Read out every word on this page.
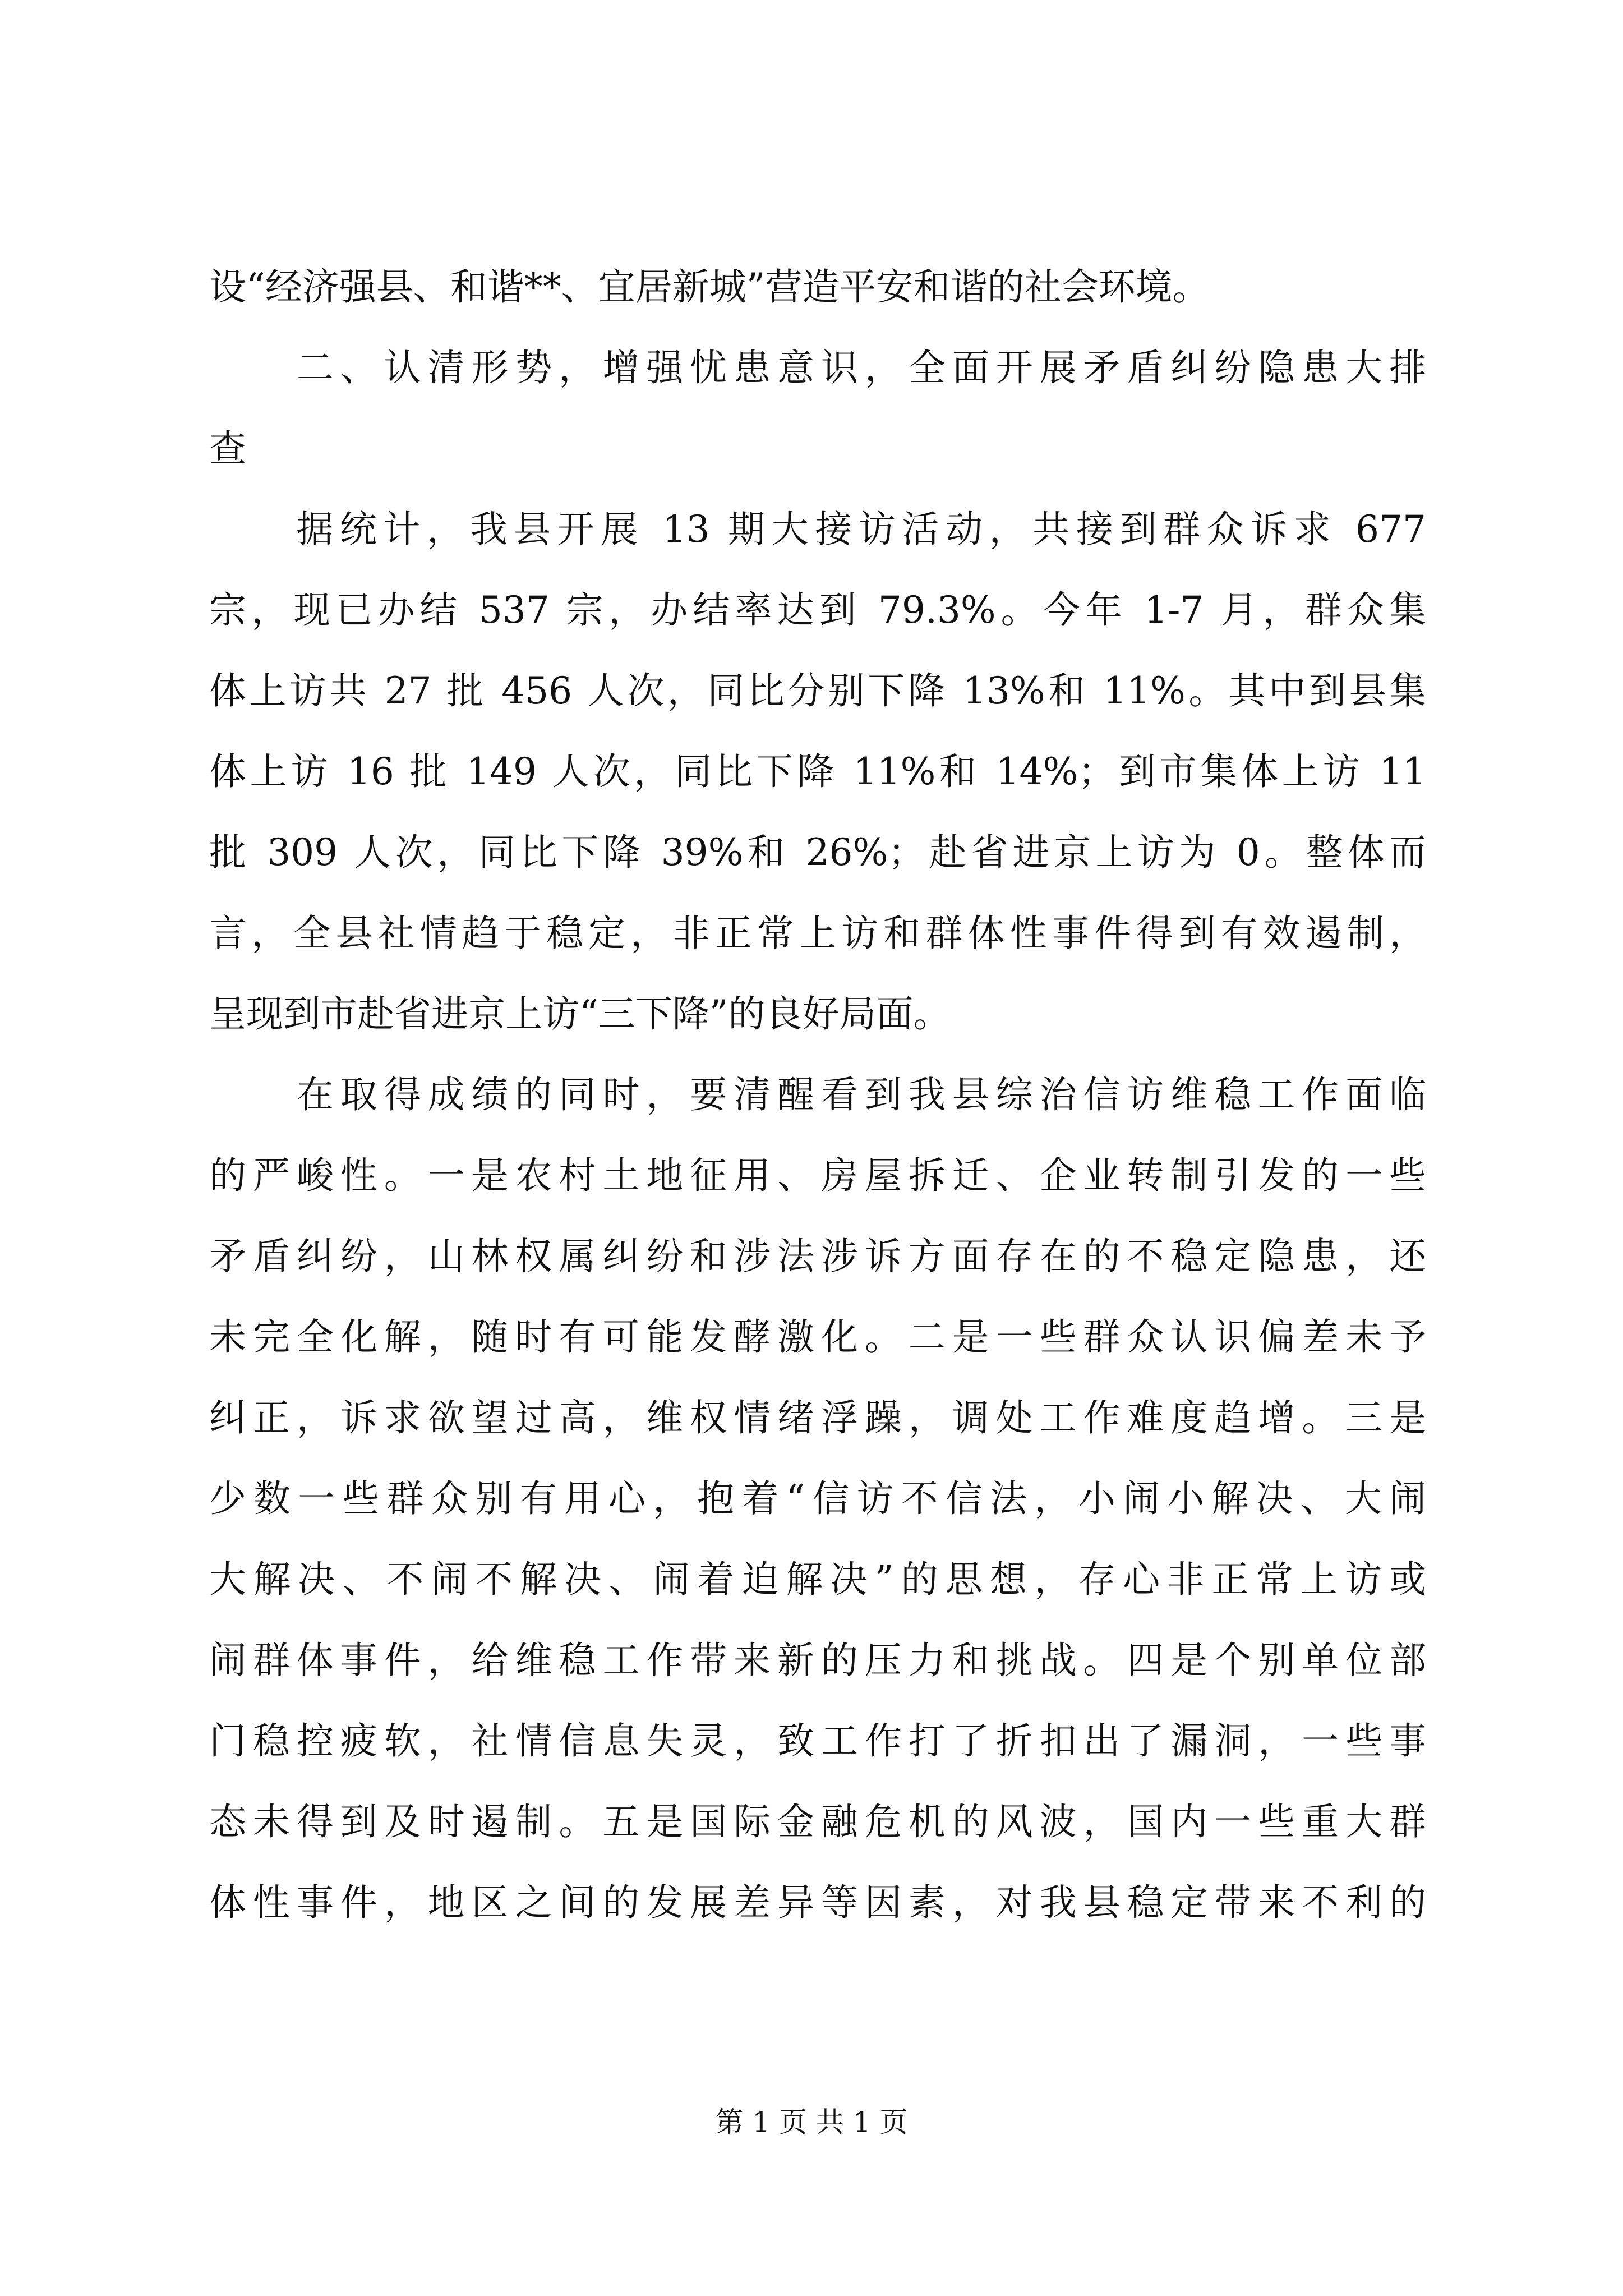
设“经济强县、和谐**、宜居新城”营造平安和谐的社会环境。
　　二、认清形势，增强忧患意识，全面开展矛盾纠纷隐患大排
查
　　据统计，我县开展 13 期大接访活动，共接到群众诉求 677
宗，现已办结 537 宗，办结率达到 79.3%。今年 1-7 月，群众集
体上访共 27 批 456 人次，同比分别下降 13%和 11%。其中到县集
体上访 16 批 149 人次，同比下降 11%和 14%；到市集体上访 11
批 309 人次，同比下降 39%和 26%；赴省进京上访为 0。整体而
言，全县社情趋于稳定，非正常上访和群体性事件得到有效遏制，
呈现到市赴省进京上访“三下降”的良好局面。
　　在取得成绩的同时，要清醒看到我县综治信访维稳工作面临
的严峻性。一是农村土地征用、房屋拆迁、企业转制引发的一些
矛盾纠纷，山林权属纠纷和涉法涉诉方面存在的不稳定隐患，还
未完全化解，随时有可能发酵激化。二是一些群众认识偏差未予
纠正，诉求欲望过高，维权情绪浮躁，调处工作难度趋增。三是
少数一些群众别有用心，抱着“信访不信法，小闹小解决、大闹
大解决、不闹不解决、闹着迫解决”的思想，存心非正常上访或
闹群体事件，给维稳工作带来新的压力和挑战。四是个别单位部
门稳控疲软，社情信息失灵，致工作打了折扣出了漏洞，一些事
态未得到及时遏制。五是国际金融危机的风波，国内一些重大群
体性事件，地区之间的发展差异等因素，对我县稳定带来不利的
第 1 页 共 1 页
